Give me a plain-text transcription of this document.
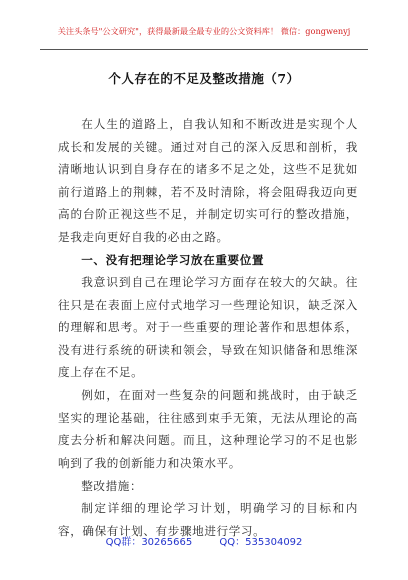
关注头条号"公文研究"，获得最新最全最专业的公文资料库！ 微信：gongwenyj
个人存在的不足及整改措施（7）

在人生的道路上，自我认知和不断改进是实现个人成长和发展的关键。通过对自己的深入反思和剖析，我清晰地认识到自身存在的诸多不足之处，这些不足犹如前行道路上的荆棘，若不及时清除，将会阻碍我迈向更高的台阶正视这些不足，并制定切实可行的整改措施，是我走向更好自我的必由之路。

一、没有把理论学习放在重要位置

我意识到自己在理论学习方面存在较大的欠缺。往往只是在表面上应付式地学习一些理论知识，缺乏深入的理解和思考。对于一些重要的理论著作和思想体系，没有进行系统的研读和领会，导致在知识储备和思维深度上存在不足。

例如，在面对一些复杂的问题和挑战时，由于缺乏坚实的理论基础，往往感到束手无策，无法从理论的高度去分析和解决问题。而且，这种理论学习的不足也影响到了我的创新能力和决策水平。

整改措施：

制定详细的理论学习计划，明确学习的目标和内容，确保有计划、有步骤地进行学习。

QQ群：30265665	QQ：535304092
